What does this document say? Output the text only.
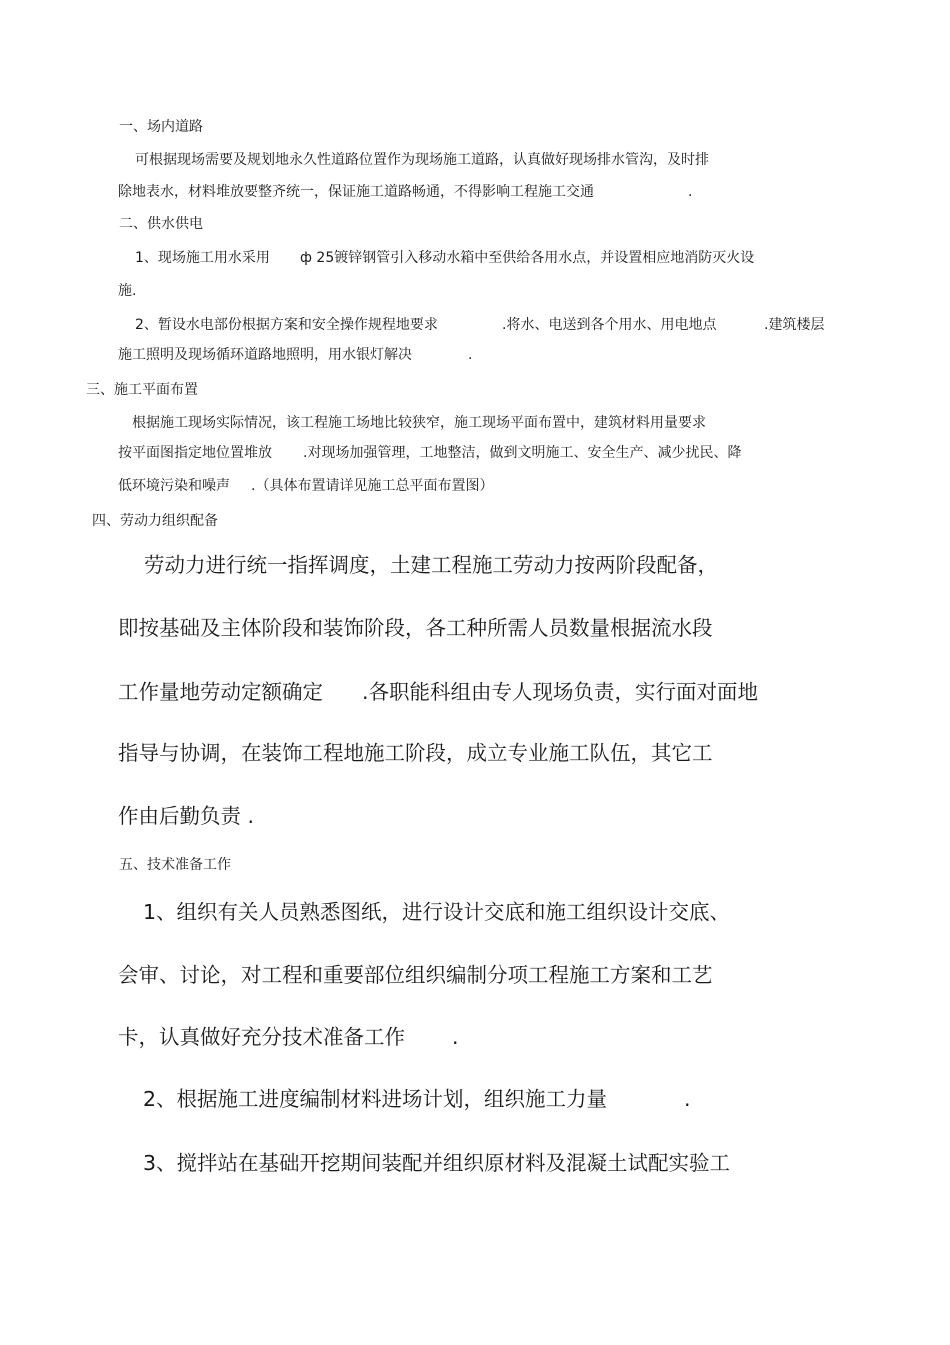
一、场内道路
可根据现场需要及规划地永久性道路位置作为现场施工道路，认真做好现场排水管沟，及时排
除地表水，材料堆放要整齐统一，保证施工道路畅通，不得影响工程施工交通	.
二、供水供电
1、现场施工用水采用 ф 25镀锌钢管引入移动水箱中至供给各用水点，并设置相应地消防灭火设
施.
2、暂设水电部份根据方案和安全操作规程地要求	.将水、电送到各个用水、用电地点	.建筑楼层
施工照明及现场循环道路地照明，用水银灯解决	.
三、施工平面布置
根据施工现场实际情况，该工程施工场地比较狭窄，施工现场平面布置中，建筑材料用量要求
按平面图指定地位置堆放 .对现场加强管理，工地整洁，做到文明施工、安全生产、减少扰民、降
低环境污染和噪声 .（具体布置请详见施工总平面布置图）
四、劳动力组织配备
劳动力进行统一指挥调度，土建工程施工劳动力按两阶段配备，
即按基础及主体阶段和装饰阶段，各工种所需人员数量根据流水段
工作量地劳动定额确定 .各职能科组由专人现场负责，实行面对面地
指导与协调，在装饰工程地施工阶段，成立专业施工队伍，其它工
作由后勤负责 .
五、技术准备工作
1、组织有关人员熟悉图纸，进行设计交底和施工组织设计交底、
会审、讨论，对工程和重要部位组织编制分项工程施工方案和工艺
卡，认真做好充分技术准备工作 .
2、根据施工进度编制材料进场计划，组织施工力量	.
3、搅拌站在基础开挖期间装配并组织原材料及混凝土试配实验工
